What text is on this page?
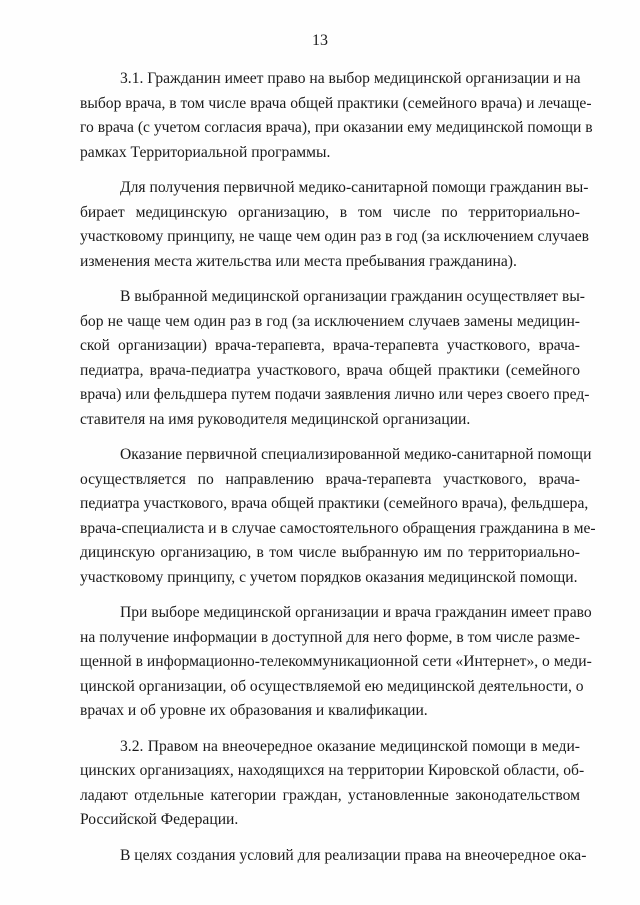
13
3.1. Гражданин имеет право на выбор медицинской организации и на
выбор врача, в том числе врача общей практики (семейного врача) и лечаще-
го врача (с учетом согласия врача), при оказании ему медицинской помощи в
рамках Территориальной программы.
Для получения первичной медико-санитарной помощи гражданин вы-
бирает медицинскую организацию, в том числе по территориально-
участковому принципу, не чаще чем один раз в год (за исключением случаев
изменения места жительства или места пребывания гражданина).
В выбранной медицинской организации гражданин осуществляет вы-
бор не чаще чем один раз в год (за исключением случаев замены медицин-
ской организации) врача-терапевта, врача-терапевта участкового, врача-
педиатра, врача-педиатра участкового, врача общей практики (семейного
врача) или фельдшера путем подачи заявления лично или через своего пред-
ставителя на имя руководителя медицинской организации.
Оказание первичной специализированной медико-санитарной помощи
осуществляется по направлению врача-терапевта участкового, врача-
педиатра участкового, врача общей практики (семейного врача), фельдшера,
врача-специалиста и в случае самостоятельного обращения гражданина в ме-
дицинскую организацию, в том числе выбранную им по территориально-
участковому принципу, с учетом порядков оказания медицинской помощи.
При выборе медицинской организации и врача гражданин имеет право
на получение информации в доступной для него форме, в том числе разме-
щенной в информационно-телекоммуникационной сети «Интернет», о меди-
цинской организации, об осуществляемой ею медицинской деятельности, о
врачах и об уровне их образования и квалификации.
3.2. Правом на внеочередное оказание медицинской помощи в меди-
цинских организациях, находящихся на территории Кировской области, об-
ладают отдельные категории граждан, установленные законодательством
Российской Федерации.
В целях создания условий для реализации права на внеочередное ока-
